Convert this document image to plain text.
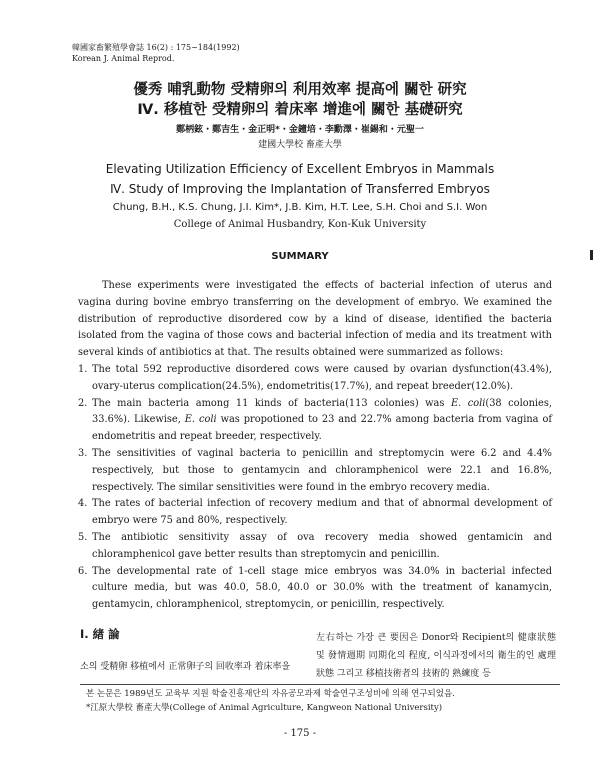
韓國家畜繁殖學會誌 16(2) : 175~184(1992)
Korean J. Animal Reprod.
優秀 哺乳動物 受精卵의 利用效率 提高에 關한 研究
Ⅳ. 移植한 受精卵의 着床率 增進에 關한 基礎研究
鄭柄鉉・鄭吉生・金正明*・金鐘培・李勳澤・崔錫和・元聖一
建國大學校 畜產大學
Elevating Utilization Efficiency of Excellent Embryos in Mammals
Ⅳ. Study of Improving the Implantation of Transferred Embryos
Chung, B.H., K.S. Chung, J.I. Kim*, J.B. Kim, H.T. Lee, S.H. Choi and S.I. Won
College of Animal Husbandry, Kon-Kuk University
SUMMARY

These experiments were investigated the effects of bacterial infection of uterus and vagina during bovine embryo transferring on the development of embryo. We examined the distribution of reproductive disordered cow by a kind of disease, identified the bacteria isolated from the vagina of those cows and bacterial infection of media and its treatment with several kinds of antibiotics at that. The results obtained were summarized as follows:

1. The total 592 reproductive disordered cows were caused by ovarian dysfunction(43.4%), ovary-uterus complication(24.5%), endometritis(17.7%), and repeat breeder(12.0%).
2. The main bacteria among 11 kinds of bacteria(113 colonies) was E. coli(38 colonies, 33.6%). Likewise, E. coli was propotioned to 23 and 22.7% among bacteria from vagina of endometritis and repeat breeder, respectively.
3. The sensitivities of vaginal bacteria to penicillin and streptomycin were 6.2 and 4.4% respectively, but those to gentamycin and chloramphenicol were 22.1 and 16.8%, respectively. The similar sensitivities were found in the embryo recovery media.
4. The rates of bacterial infection of recovery medium and that of abnormal development of embryo were 75 and 80%, respectively.
5. The antibiotic sensitivity assay of ova recovery media showed gentamicin and chloramphenicol gave better results than streptomycin and penicillin.
6. The developmental rate of 1-cell stage mice embryos was 34.0% in bacterial infected culture media, but was 40.0, 58.0, 40.0 or 30.0% with the treatment of kanamycin, gentamycin, chloramphenicol, streptomycin, or penicillin, respectively.
Ⅰ. 緖 論
소의 受精卵 移植에서 正常卵子의 回收率과 着床率을
左右하는 가장 큰 要因은 Donor와 Recipient의 健康狀態 및 發情週期 同期化의 程度, 이식과정에서의 衛生的인 處理狀態 그리고 移植技術者의 技術的 熟練度 등
본 논문은 1989년도 교육부 지원 학술진흥재단의 자유공모과제 학술연구조성비에 의해 연구되었음.
*江原大學校 畜產大學(College of Animal Agriculture, Kangweon National University)
- 175 -
